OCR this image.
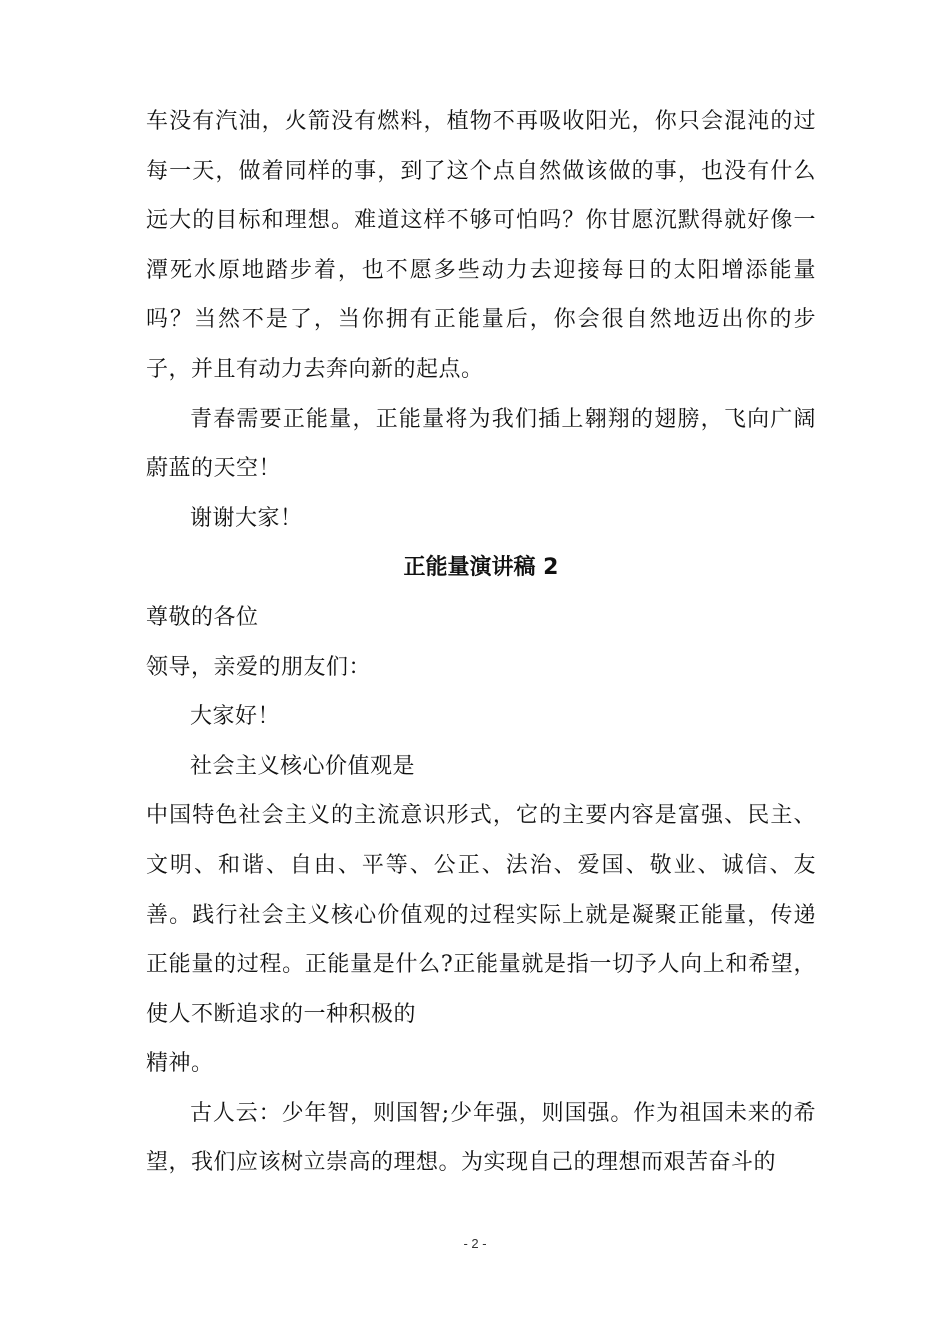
车没有汽油，火箭没有燃料，植物不再吸收阳光，你只会混沌的过每一天，做着同样的事，到了这个点自然做该做的事，也没有什么远大的目标和理想。难道这样不够可怕吗？你甘愿沉默得就好像一潭死水原地踏步着，也不愿多些动力去迎接每日的太阳增添能量吗？当然不是了，当你拥有正能量后，你会很自然地迈出你的步子，并且有动力去奔向新的起点。

青春需要正能量，正能量将为我们插上翱翔的翅膀，飞向广阔蔚蓝的天空！

谢谢大家！

正能量演讲稿 2

尊敬的各位

领导，亲爱的朋友们：

大家好！

社会主义核心价值观是

中国特色社会主义的主流意识形式，它的主要内容是富强、民主、文明、和谐、自由、平等、公正、法治、爱国、敬业、诚信、友善。践行社会主义核心价值观的过程实际上就是凝聚正能量，传递正能量的过程。正能量是什么?正能量就是指一切予人向上和希望，使人不断追求的一种积极的

精神。

古人云：少年智，则国智;少年强，则国强。作为祖国未来的希望，我们应该树立崇高的理想。为实现自己的理想而艰苦奋斗的

- 2 -
